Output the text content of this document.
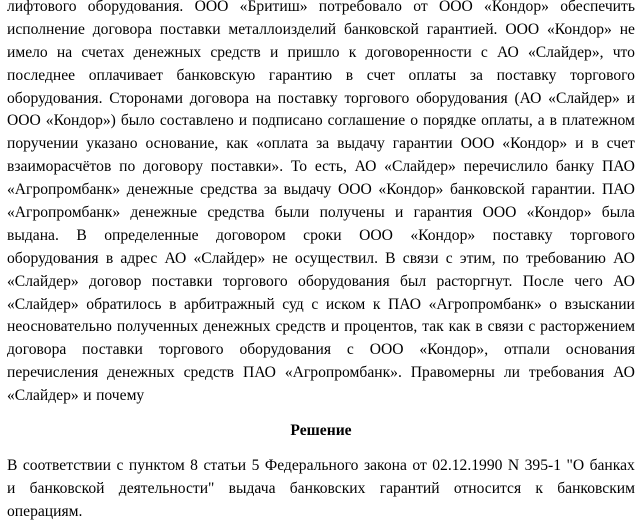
лифтового оборудования. ООО «Бритиш» потребовало от ООО «Кондор» обеспечить
исполнение договора поставки металлоизделий банковской гарантией. ООО «Кондор» не
имело на счетах денежных средств и пришло к договоренности с АО «Слайдер», что
последнее оплачивает банковскую гарантию в счет оплаты за поставку торгового
оборудования. Сторонами договора на поставку торгового оборудования (АО «Слайдер» и
ООО «Кондор») было составлено и подписано соглашение о порядке оплаты, а в платежном
поручении указано основание, как «оплата за выдачу гарантии ООО «Кондор» и в счет
взаиморасчётов по договору поставки». То есть, АО «Слайдер» перечислило банку ПАО
«Агропромбанк» денежные средства за выдачу ООО «Кондор» банковской гарантии. ПАО
«Агропромбанк» денежные средства были получены и гарантия ООО «Кондор» была
выдана. В определенные договором сроки ООО «Кондор» поставку торгового
оборудования в адрес АО «Слайдер» не осуществил. В связи с этим, по требованию АО
«Слайдер» договор поставки торгового оборудования был расторгнут. После чего АО
«Слайдер» обратилось в арбитражный суд с иском к ПАО «Агропромбанк» о взыскании
неосновательно полученных денежных средств и процентов, так как в связи с расторжением
договора поставки торгового оборудования с ООО «Кондор», отпали основания
перечисления денежных средств ПАО «Агропромбанк». Правомерны ли требования АО
«Слайдер» и почему
Решение
В соответствии с пунктом 8 статьи 5 Федерального закона от 02.12.1990 N 395-1 "О банках
и банковской деятельности" выдача банковских гарантий относится к банковским
операциям.
